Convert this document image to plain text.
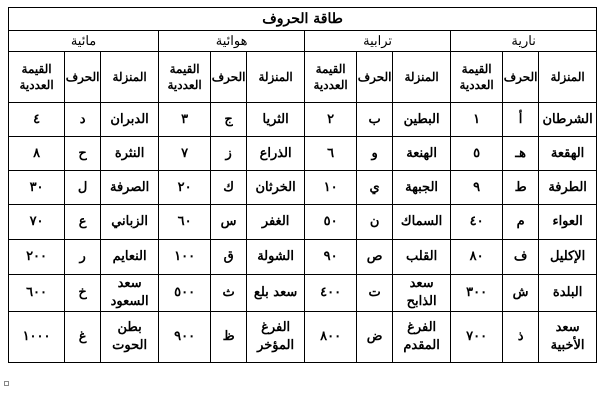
طاقة الحروف											
نارية			ترابية			هوائية			مائية		
المنزلة	الحرف	القيمة العددية	المنزلة	الحرف	القيمة العددية	المنزلة	الحرف	القيمة العددية	المنزلة	الحرف	القيمة العددية
الشرطان	أ	١	البطين	ب	٢	الثريا	ج	٣	الدبران	د	٤
الهقعة	هـ	٥	الهنعة	و	٦	الذراع	ز	٧	النثرة	ح	٨
الطرفة	ط	٩	الجبهة	ي	١٠	الخرثان	ك	٢٠	الصرفة	ل	٣٠
العواء	م	٤٠	السماك	ن	٥٠	الغفر	س	٦٠	الزباني	ع	٧٠
الإكليل	ف	٨٠	القلب	ص	٩٠	الشولة	ق	١٠٠	النعايم	ر	٢٠٠
البلدة	ش	٣٠٠	سعد الذابح	ت	٤٠٠	سعد بلع	ث	٥٠٠	سعد السعود	خ	٦٠٠
سعد الأخبية	ذ	٧٠٠	الفرغ المقدم	ض	٨٠٠	الفرغ المؤخر	ظ	٩٠٠	بطن الحوت	غ	١٠٠٠
